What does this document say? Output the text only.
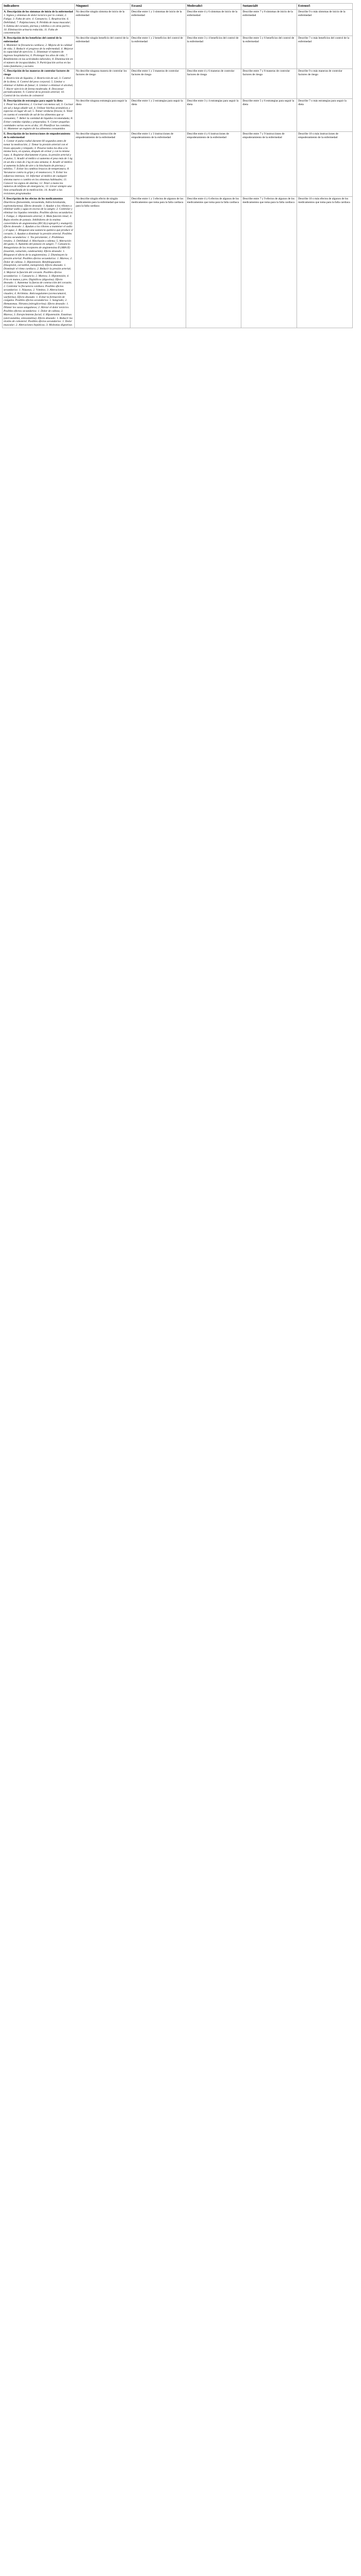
Indicadores	Ninguno1	Escaso2	Moderado3	Sustancial4	Extenso5

A. Descripción de los síntomas de inicio de la enfermedad
1. Signos y síntomas de dolor torácico por lo común; 2. Fatiga; 3. Falta de aire; 4. Cansancio; 5. Respiración; 6. Debilidad; 7. Palpitaciones; 8. Pérdida de masa muscular; 9. Edema del corazón, piernas y tobillos o en otras partes; 10. Eliminación urinaria reducida; 11. Falta de concentración	No describe ningún síntoma de inicio de la enfermedad	Describe entre 1 y 3 síntomas de inicio de la enfermedad	Describe entre 4 y 6 síntomas de inicio de la enfermedad	Describe entre 7 y 8 síntomas de inicio de la enfermedad	Describe 9 o más síntomas de inicio de la enfermedad

B. Descripción de los beneficios del control de la enfermedad
1. Mantener la frecuencia cardiaca; 2. Mejora de la calidad de vida; 3. Reducir el progreso de la enfermedad; 4. Mejorar la capacidad de ejercicio; 5. Disminuir el número de ingresos hospitalarios; 6. Prolongar los años de vida; 7. Rendimiento en las actividades laborales; 8. Disminución en el número de incapacidades; 9. Participación activa en las redes familiares y sociales	No describe ningún beneficio del control de la enfermedad	Describe entre 1 y 2 beneficios del control de la enfermedad	Describe entre 3 y 4 beneficios del control de la enfermedad	Describe entre 5 y 6 beneficios del control de la enfermedad	Describe 7 o más beneficios del control de la enfermedad

C. Descripción de las maneras de controlar factores de riesgo
1. Restricción de líquidos; 2. Restricción de sal; 3. Control de la dieta; 4. Control del peso corporal; 5. Limitar o eliminar el hábito de fumar; 6. Limitar o eliminar el alcohol; 7. Hacer ejercicio de forma moderada; 8. Descansar periódicamente; 9. Control de la presión arterial; 10. Control de los niveles de colesterol	No describe ninguna manera de controlar los factores de riesgo	Describe entre 1 y 3 maneras de controlar factores de riesgo	Describe entre 4 y 6 maneras de controlar factores de riesgo	Describe entre 7 y 8 maneras de controlar factores de riesgo	Describe 9 o más maneras de controlar factores de riesgo

D. Descripción de estrategias para seguir la dieta
1. Pesar los alimentos; 2. Cocinar con menos sal; 3. Cocinar sin sal y luego añadir sal; 4. Utilizar hierbas aromáticas y especias en lugar de sal; 5. Tomar verduras frescas; 6. Tener en cuenta el contenido de sal de los alimentos que se consumen; 7. Beber la cantidad de líquidos recomendada; 8. Evitar comidas rápidas y preparadas; 9. Comer pequeñas cantidades varias veces al día; 10. Planificar las comidas; 11. Mantener un registro de los alimentos consumidos	No describe ninguna estrategia para seguir la dieta	Describe entre 1 y 2 estrategias para seguir la dieta	Describe entre 3 y 4 estrategias para seguir la dieta	Describe entre 5 y 6 estrategias para seguir la dieta	Describe 7 o más estrategias para seguir la dieta

E. Descripción de las instrucciones de empoderamiento de la enfermedad
1. Contar el pulso radial durante 60 segundos antes de tomar la medicación; 2. Tomar la presión arterial con el brazo apoyado y relajado; 3. Pesarse todos los días a la misma hora, en ayunas, después de orinar y con la misma ropa; 4. Registrar diariamente el peso, la presión arterial y el pulso; 5. Acudir al médico si aumenta el peso más de 1 kg en un día o más de 2 kg en una semana; 6. Acudir al médico si aumenta la falta de aire o la hinchazón de piernas y tobillos; 7. Evitar los cambios bruscos de temperatura; 8. Vacunarse contra la gripe y el neumococo; 9. Evitar los esfuerzos intensos; 10. Informar al médico de cualquier síntoma nuevo o cambio en los síntomas habituales; 11. Conocer los signos de alarma; 12. Tener a mano los números de teléfono de emergencia; 13. Llevar siempre una lista actualizada de la medicación; 14. Acudir a las revisiones programadas	No describe ninguna instrucción de empoderamiento de la enfermedad	Describe entre 1 y 3 instrucciones de empoderamiento de la enfermedad	Describe entre 4 y 6 instrucciones de empoderamiento de la enfermedad	Describe entre 7 y 9 instrucciones de empoderamiento de la enfermedad	Describe 10 o más instrucciones de empoderamiento de la enfermedad

F. Descripción de los efectos de los medicamentos
Diuréticos (furosemida, torasemida, hidroclorotiazida, espironolactona). Efecto deseado: 1. Ayudar a los riñones a eliminar sodio y agua en exceso de la sangre; 2. Controlar y eliminar los líquidos retenidos. Posibles efectos secundarios: 1. Fatiga; 2. Hipotensión arterial; 3. Mala función renal; 4. Bajos niveles de potasio. Inhibidores de la enzima convertidora de angiotensina (IECA) (captopril y enalapril). Efecto deseado: 1. Ayudan a los riñones a mantener el sodio y el agua; 2. Bloquean una sustancia química que produce el corazón; 3. Ayudan a disminuir la presión arterial. Posibles efectos secundarios: 1. Tos persistente; 2. Problemas renales; 3. Debilidad; 4. Hinchazón o edema; 5. Alteración del gusto; 6. Aumento del potasio en sangre; 7. Cansancio. Antagonistas de los receptores de angiotensina II (ARA II) (losartán, valsartán, candesartán). Efecto deseado: 1. Bloquean el efecto de la angiotensina; 2. Disminuyen la presión arterial. Posibles efectos secundarios: 1. Mareos; 2. Dolor de cabeza; 3. Hipotensión. Betabloqueantes (bisoprolol, carvedilol, metoprolol). Efecto deseado: 1. Disminuir el ritmo cardiaco; 2. Reducir la presión arterial; 3. Mejorar la función del corazón. Posibles efectos secundarios: 1. Cansancio; 2. Mareos; 3. Hipotensión; 4. Frío en manos y pies. Digitálicos (digoxina). Efecto deseado: 1. Aumentar la fuerza de contracción del corazón; 2. Controlar la frecuencia cardiaca. Posibles efectos secundarios: 1. Náuseas; 2. Vómitos; 3. Alteraciones visuales; 4. Arritmias. Anticoagulantes (acenocumarol, warfarina). Efecto deseado: 1. Evitar la formación de coágulos. Posibles efectos secundarios: 1. Sangrado; 2. Hematomas. Nitratos (nitroglicerina). Efecto deseado: 1. Dilatar los vasos sanguíneos; 2. Aliviar el dolor torácico. Posibles efectos secundarios: 1. Dolor de cabeza; 2. Mareos; 3. Enrojecimiento facial; 4. Hipotensión. Estatinas (atorvastatina, simvastatina). Efecto deseado: 1. Reducir los niveles de colesterol. Posibles efectos secundarios: 1. Dolor muscular; 2. Alteraciones hepáticas; 3. Molestias digestivas	No describe ningún efecto de ningún medicamento para la enfermedad que toma para la falla cardiaca	Describe entre 1 y 3 efectos de algunos de los medicamentos que toma para la falla cardiaca	Describe entre 4 y 6 efectos de algunos de los medicamentos que toma para la falla cardiaca	Describe entre 7 y 9 efectos de algunos de los medicamentos que toma para la falla cardiaca	Describe 10 o más efectos de algunos de los medicamentos que toma para la falla cardiaca
